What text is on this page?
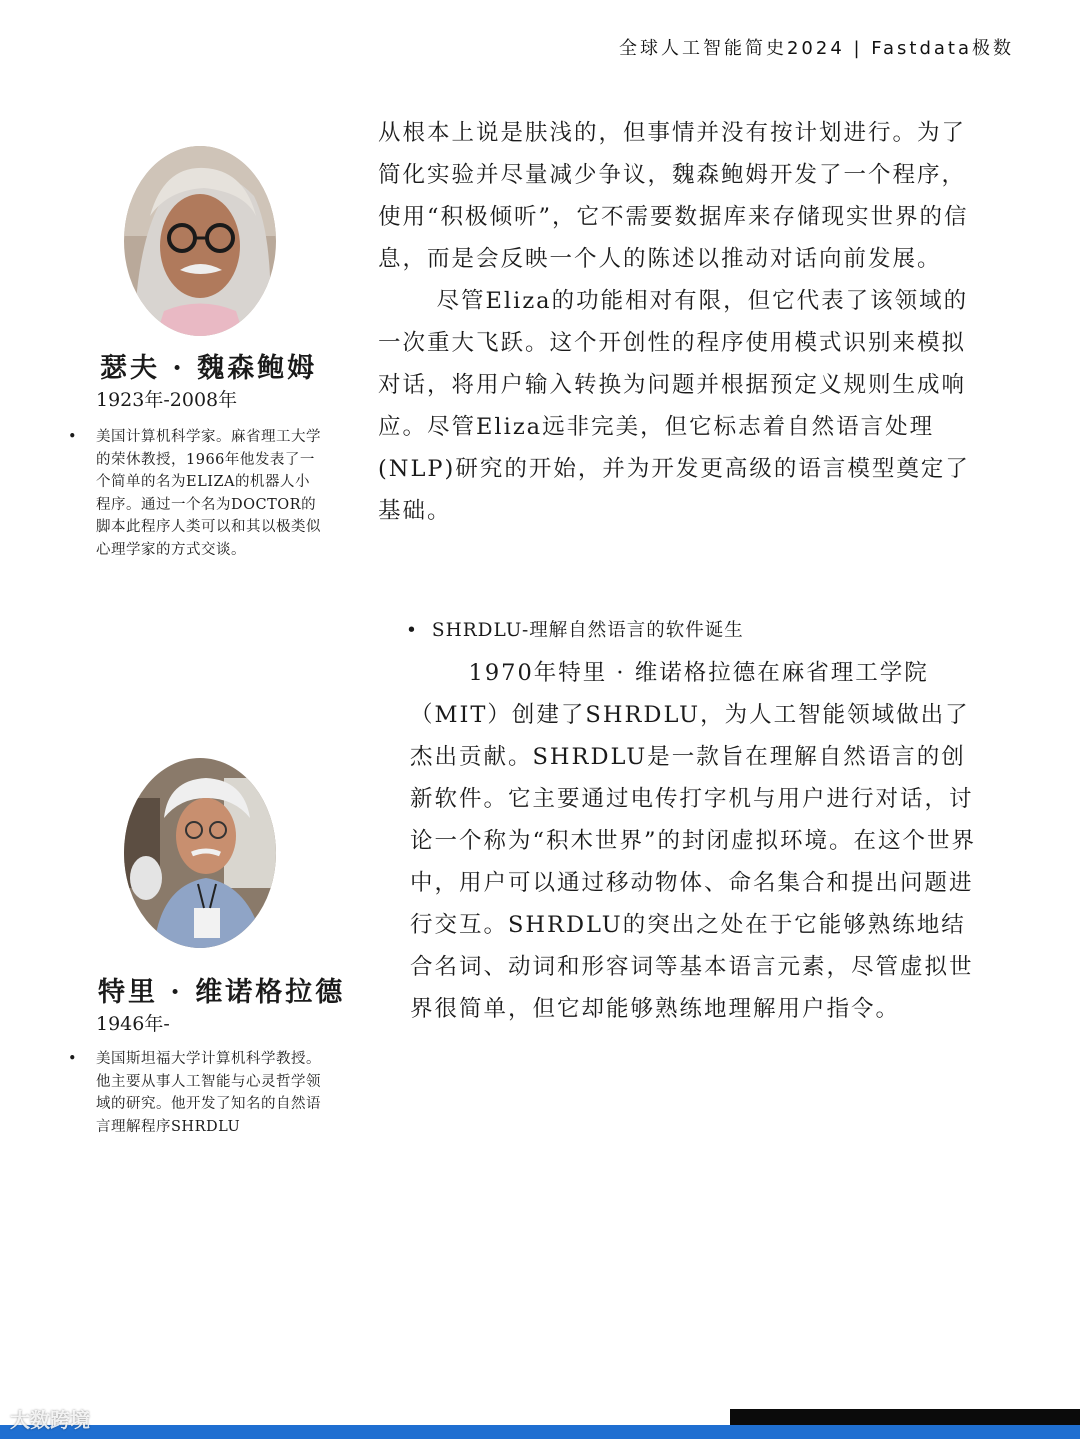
全球人工智能简史2024 | Fastdata极数
瑟夫 · 魏森鲍姆
1923年-2008年
•	美国计算机科学家。麻省理工大学的荣休教授，1966年他发表了一个简单的名为ELIZA的机器人小程序。通过一个名为DOCTOR的脚本此程序人类可以和其以极类似心理学家的方式交谈。
特里 · 维诺格拉德
1946年-
•	美国斯坦福大学计算机科学教授。他主要从事人工智能与心灵哲学领域的研究。他开发了知名的自然语言理解程序SHRDLU

从根本上说是肤浅的，但事情并没有按计划进行。为了简化实验并尽量减少争议，魏森鲍姆开发了一个程序，使用“积极倾听”，它不需要数据库来存储现实世界的信息，而是会反映一个人的陈述以推动对话向前发展。

尽管Eliza的功能相对有限，但它代表了该领域的一次重大飞跃。这个开创性的程序使用模式识别来模拟对话，将用户输入转换为问题并根据预定义规则生成响应。尽管Eliza远非完美，但它标志着自然语言处理(NLP)研究的开始，并为开发更高级的语言模型奠定了基础。

• SHRDLU-理解自然语言的软件诞生

1970年特里 · 维诺格拉德在麻省理工学院（MIT）创建了SHRDLU，为人工智能领域做出了杰出贡献。SHRDLU是一款旨在理解自然语言的创新软件。它主要通过电传打字机与用户进行对话，讨论一个称为“积木世界”的封闭虚拟环境。在这个世界中，用户可以通过移动物体、命名集合和提出问题进行交互。SHRDLU的突出之处在于它能够熟练地结合名词、动词和形容词等基本语言元素，尽管虚拟世界很简单，但它却能够熟练地理解用户指令。

大数跨境
